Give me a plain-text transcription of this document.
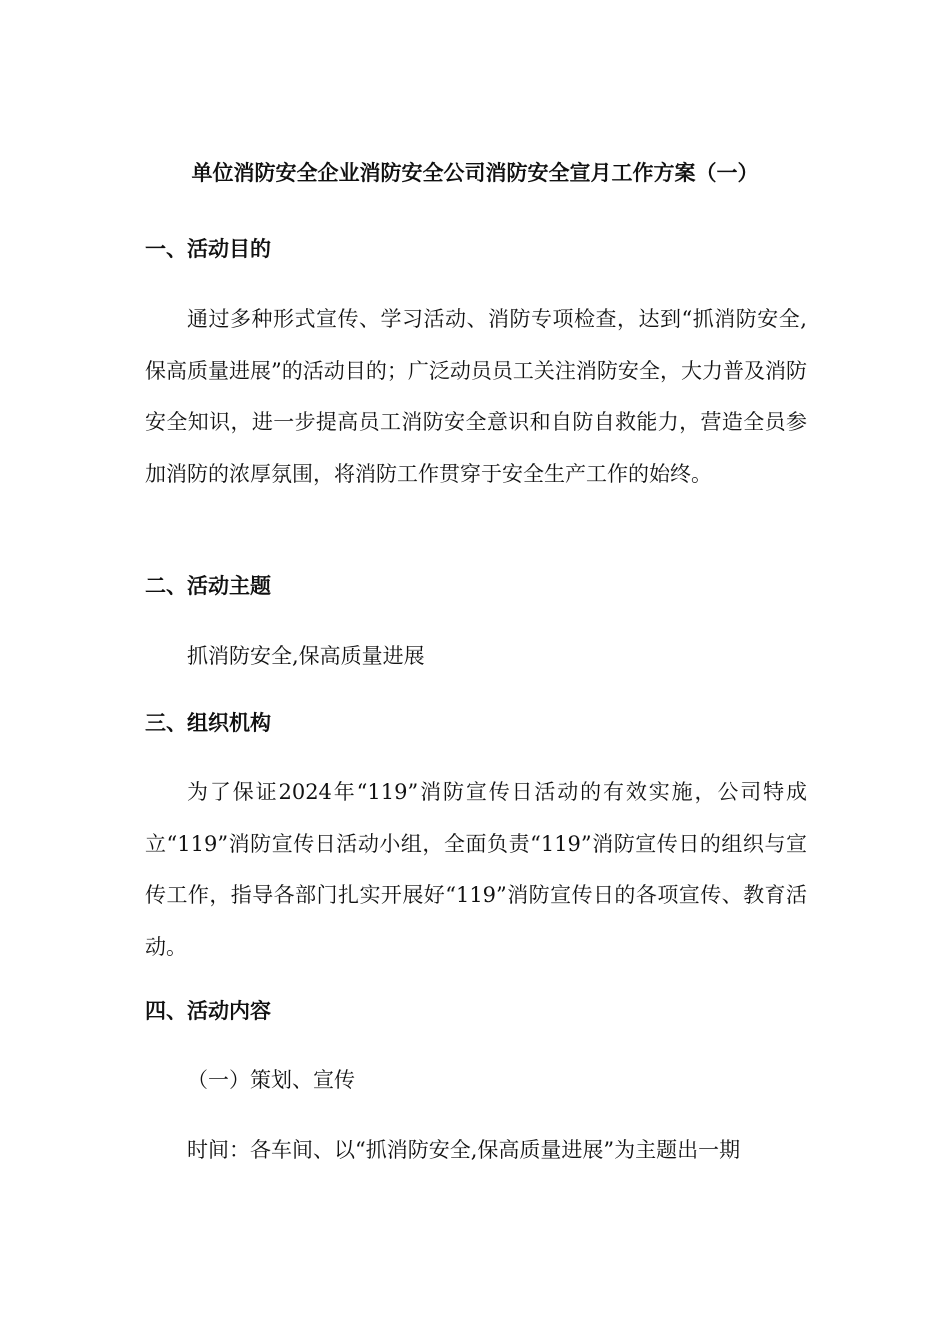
单位消防安全企业消防安全公司消防安全宣月工作方案（一）
一、活动目的

通过多种形式宣传、学习活动、消防专项检查，达到“抓消防安全,保高质量进展”的活动目的；广泛动员员工关注消防安全，大力普及消防安全知识，进一步提高员工消防安全意识和自防自救能力，营造全员参加消防的浓厚氛围，将消防工作贯穿于安全生产工作的始终。

二、活动主题
抓消防安全,保高质量进展
三、组织机构

为了保证2024年“119”消防宣传日活动的有效实施，公司特成立“119”消防宣传日活动小组，全面负责“119”消防宣传日的组织与宣传工作，指导各部门扎实开展好“119”消防宣传日的各项宣传、教育活动。

四、活动内容
（一）策划、宣传
时间：各车间、以“抓消防安全,保高质量进展”为主题出一期
